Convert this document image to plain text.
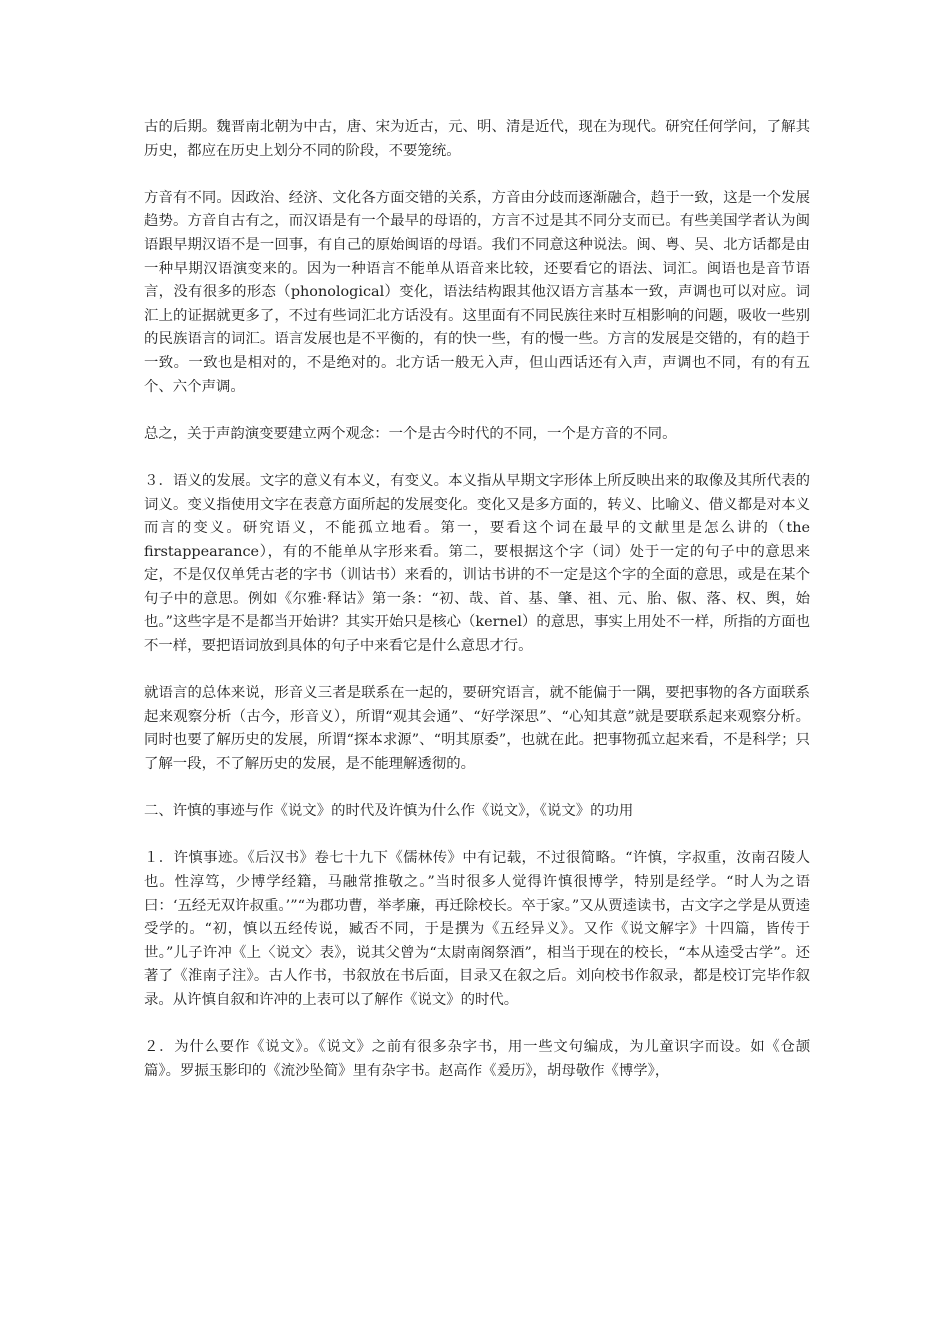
古的后期。魏晋南北朝为中古，唐、宋为近古，元、明、清是近代，现在为现代。研究任何学问，了解其历史，都应在历史上划分不同的阶段，不要笼统。

方音有不同。因政治、经济、文化各方面交错的关系，方音由分歧而逐渐融合，趋于一致，这是一个发展趋势。方音自古有之，而汉语是有一个最早的母语的，方言不过是其不同分支而已。有些美国学者认为闽语跟早期汉语不是一回事，有自己的原始闽语的母语。我们不同意这种说法。闽、粤、吴、北方话都是由一种早期汉语演变来的。因为一种语言不能单从语音来比较，还要看它的语法、词汇。闽语也是音节语言，没有很多的形态（phonological）变化，语法结构跟其他汉语方言基本一致，声调也可以对应。词汇上的证据就更多了，不过有些词汇北方话没有。这里面有不同民族往来时互相影响的问题，吸收一些别的民族语言的词汇。语言发展也是不平衡的，有的快一些，有的慢一些。方言的发展是交错的，有的趋于一致。一致也是相对的，不是绝对的。北方话一般无入声，但山西话还有入声，声调也不同，有的有五个、六个声调。

总之，关于声韵演变要建立两个观念：一个是古今时代的不同，一个是方音的不同。

３．语义的发展。文字的意义有本义，有变义。本义指从早期文字形体上所反映出来的取像及其所代表的词义。变义指使用文字在表意方面所起的发展变化。变化又是多方面的，转义、比喻义、借义都是对本义而言的变义。研究语义，不能孤立地看。第一，要看这个词在最早的文献里是怎么讲的（the firstappearance），有的不能单从字形来看。第二，要根据这个字（词）处于一定的句子中的意思来定，不是仅仅单凭古老的字书（训诂书）来看的，训诂书讲的不一定是这个字的全面的意思，或是在某个句子中的意思。例如《尔雅·释诂》第一条：“初、哉、首、基、肇、祖、元、胎、俶、落、权、舆，始也。”这些字是不是都当开始讲？其实开始只是核心（kernel）的意思，事实上用处不一样，所指的方面也不一样，要把语词放到具体的句子中来看它是什么意思才行。

就语言的总体来说，形音义三者是联系在一起的，要研究语言，就不能偏于一隅，要把事物的各方面联系起来观察分析（古今，形音义），所谓“观其会通”、“好学深思”、“心知其意”就是要联系起来观察分析。同时也要了解历史的发展，所谓“探本求源”、“明其原委”，也就在此。把事物孤立起来看，不是科学；只了解一段，不了解历史的发展，是不能理解透彻的。

二、许慎的事迹与作《说文》的时代及许慎为什么作《说文》，《说文》的功用

１．许慎事迹。《后汉书》卷七十九下《儒林传》中有记载，不过很简略。“许慎，字叔重，汝南召陵人也。性淳笃，少博学经籍，马融常推敬之。”当时很多人觉得许慎很博学，特别是经学。“时人为之语曰：‘五经无双许叔重。’”“为郡功曹，举孝廉，再迁除校长。卒于家。”又从贾逵读书，古文字之学是从贾逵受学的。“初，慎以五经传说，臧否不同，于是撰为《五经异义》。又作《说文解字》十四篇，皆传于世。”儿子许冲《上〈说文〉表》，说其父曾为“太尉南阁祭酒”，相当于现在的校长，“本从逵受古学”。还著了《淮南子注》。古人作书，书叙放在书后面，目录又在叙之后。刘向校书作叙录，都是校订完毕作叙录。从许慎自叙和许冲的上表可以了解作《说文》的时代。

２．为什么要作《说文》。《说文》之前有很多杂字书，用一些文句编成，为儿童识字而设。如《仓颉篇》。罗振玉影印的《流沙坠简》里有杂字书。赵高作《爰历》，胡母敬作《博学》，
